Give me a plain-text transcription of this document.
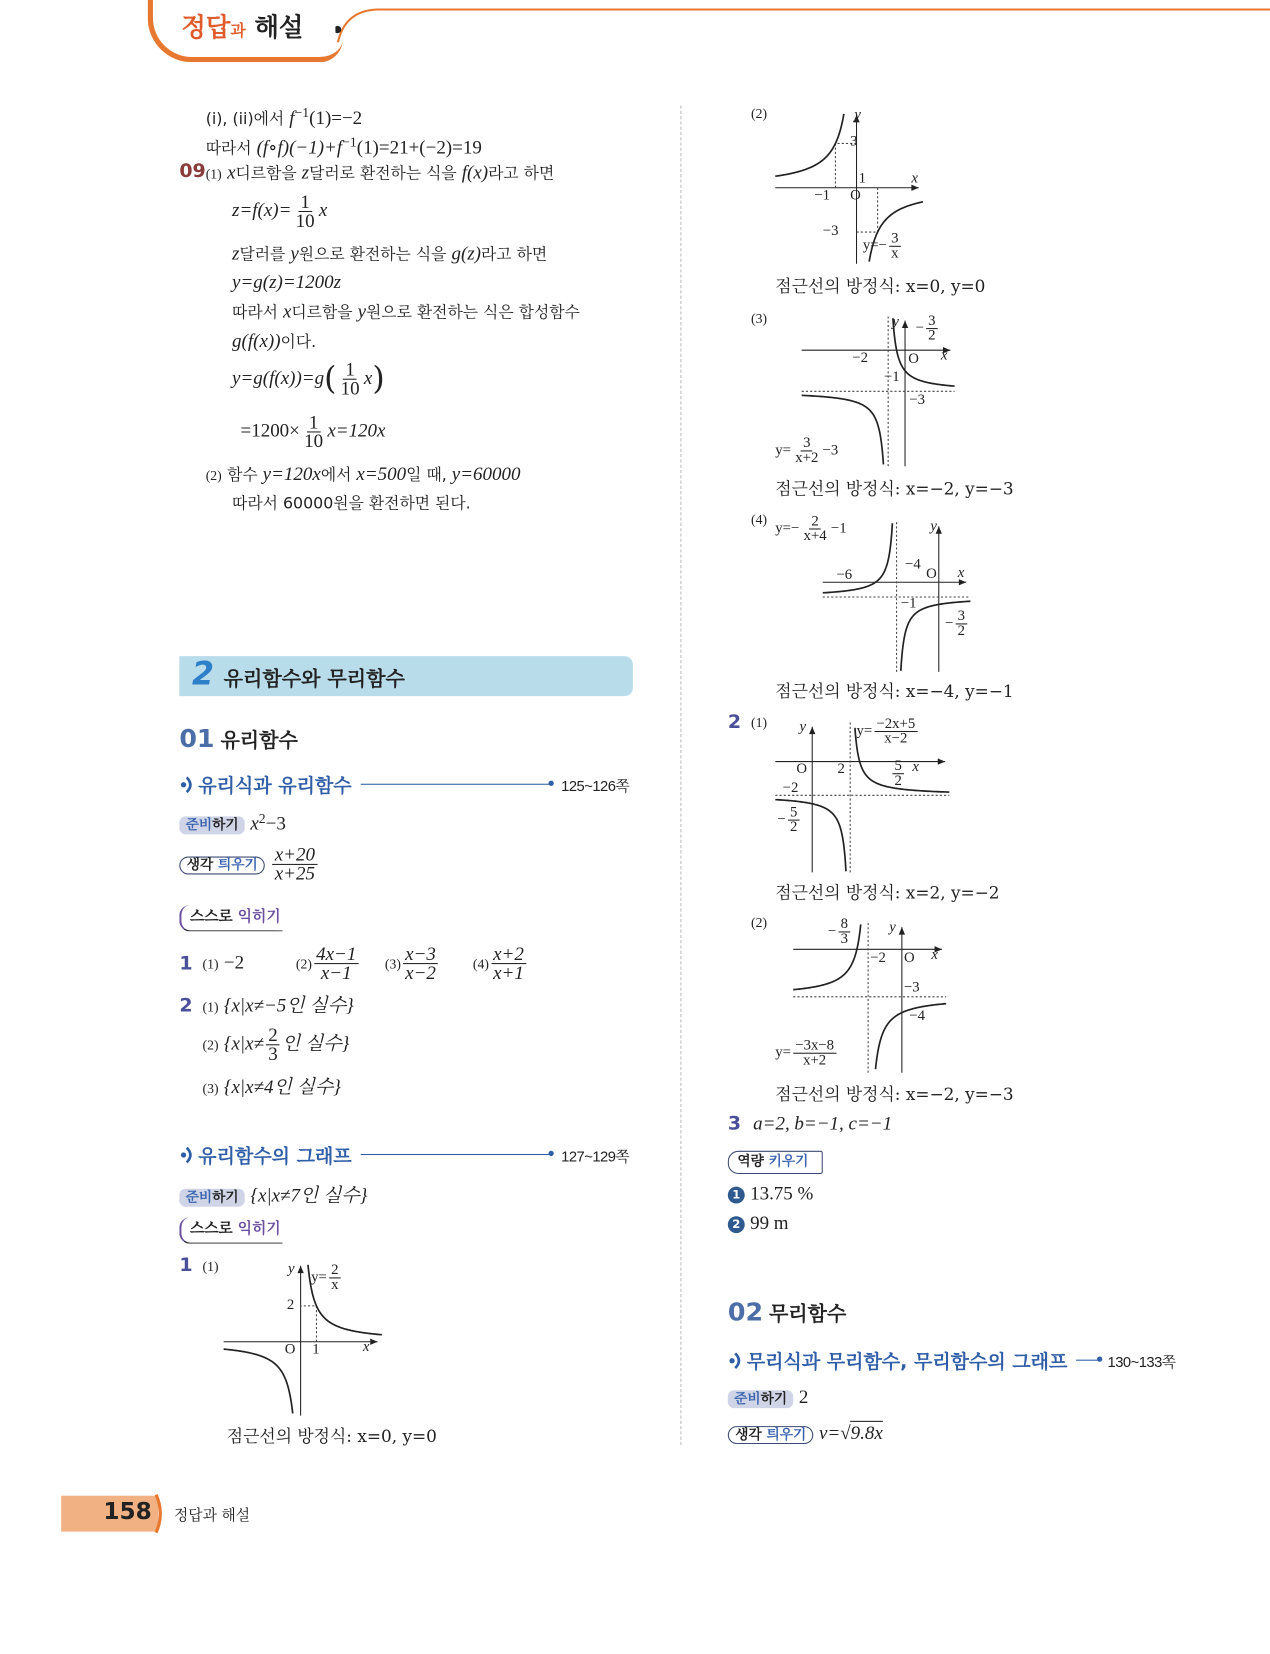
정답과 해설
(i), (ii)에서 $f^{-1}(1)=-2$
따라서 $(f\circ f)(-1)+f^{-1}(1)=21+(-2)=19$
09 (1) x디르함을 z달러로 환전하는 식을 f(x)라고 하면
$z=f(x)= \frac{1}{10}$ x
z달러를 y원으로 환전하는 식을 g(z)라고 하면
y=g(z)=1200z
따라서 x디르함을 y원으로 환전하는 식은 합성함수
g(f(x))이다.
$y=g(f(x))=g( \frac{1}{10} x)$
$=1200\times \frac{1}{10} x=120x$
(2) 함수 y=120x에서 x=500일 때, y=60000
따라서 60000원을 환전하면 된다.
2 유리함수와 무리함수
01 유리함수
유리식과 유리함수	125~126쪽
준비하기 $x^2-3$
생각 틔우기 $\frac{x+20}{x+25}$
스스로 익히기
1 (1) −2	$(2) \frac{4x-1}{x-1} (3) \frac{x-3}{x-2}$	$(4) \frac{x+2}{x+1}$
2 (1) {x|x≠−5인 실수}
(2) {$x|x\ne \frac{2}{3}$ 인 실수}
(3) {x|x≠4인 실수}
유리함수의 그래프	127~129쪽
준비하기 {x|x≠7인 실수}
스스로 익히기
1 (1)	y
x
O
2
1
$y= \frac{2}{x}$
점근선의 방정식: x=0, y=0
(2)	y
x
O
3
1
−1
−3
$y=- \frac{3}{x}$
점근선의 방정식: x=0, y=0
(3)	y
x
O
−2
−1
−3
− $\frac{3}{2}$
$y= \frac{3}{x+2} -3$
점근선의 방정식: x=−2, y=−3
(4)
$y=- \frac{2}{x+4} -1$	y
x
O
−6
−4
−1
− $\frac{3}{2}$
점근선의 방정식: x=−4, y=−1
2 (1) y
x
O 2
−2
$\frac{5}{2}$
− $\frac{5}{2}$
$y= \frac{-2x+5}{x-2}$
점근선의 방정식: x=2, y=−2
(2)
− $\frac{8}{3}$	y
x
O
−2
−3
−4
$y= \frac{-3x-8}{x+2}$
점근선의 방정식: x=−2, y=−3
3 a=2, b=−1, c=−1
역량 키우기
1 13.75 %
2 99 m
02 무리함수
무리식과 무리함수, 무리함수의 그래프	130~133쪽
준비하기 2
생각 틔우기 v=√9.8x
158 정답과 해설
